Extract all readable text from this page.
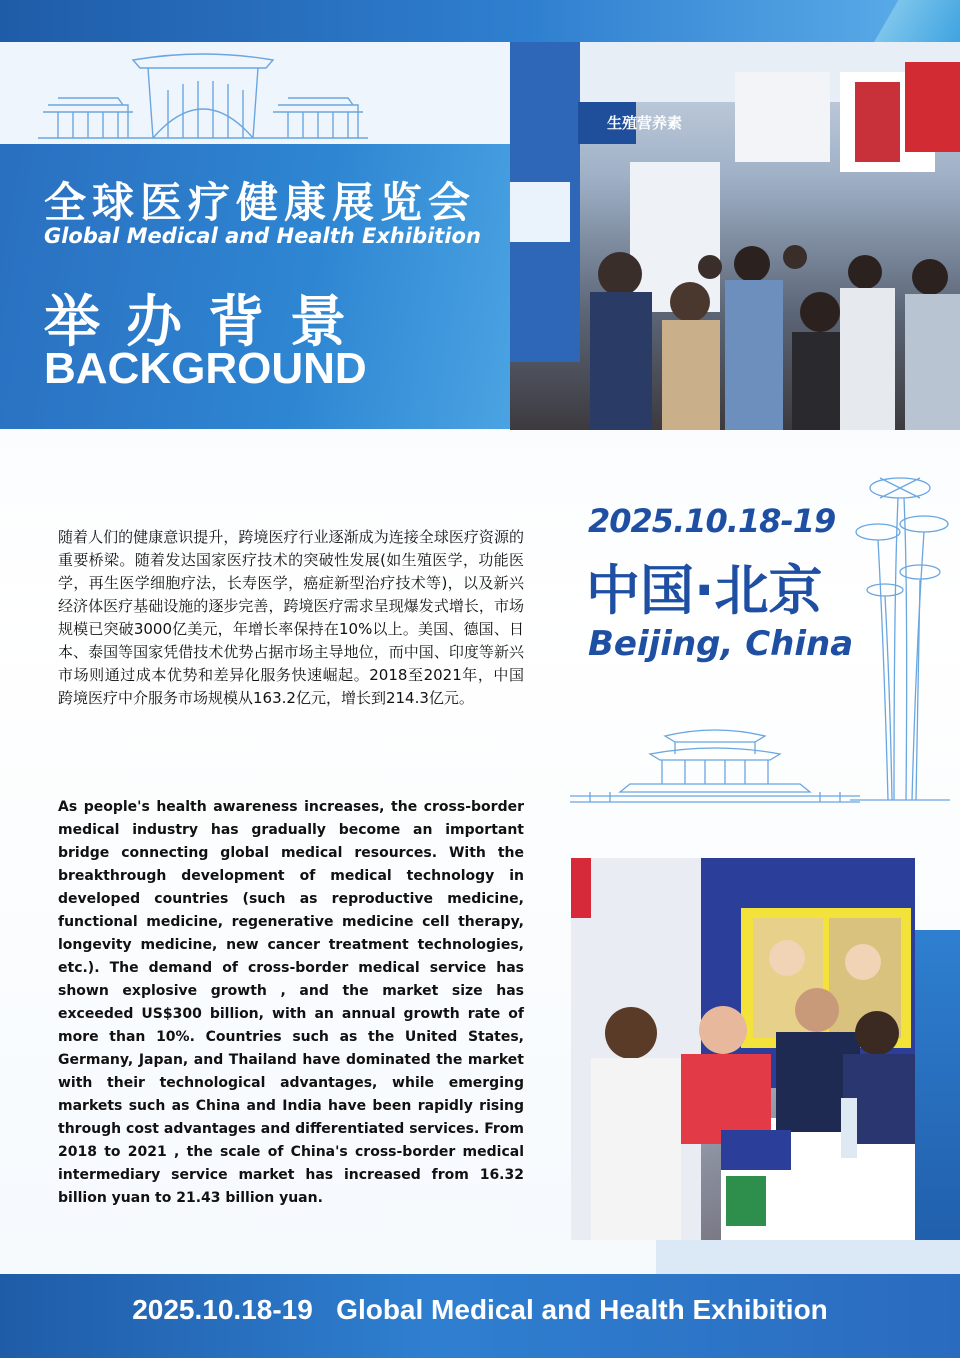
全球医疗健康展览会
Global Medical and Health Exhibition
举办背景
BACKGROUND
生殖营养素
随着人们的健康意识提升，跨境医疗行业逐渐成为连接全球医疗资源的重要桥梁。随着发达国家医疗技术的突破性发展(如生殖医学，功能医学，再生医学细胞疗法，长寿医学，癌症新型治疗技术等)，以及新兴经济体医疗基础设施的逐步完善，跨境医疗需求呈现爆发式增长，市场规模已突破3000亿美元，年增长率保持在10%以上。美国、德国、日本、泰国等国家凭借技术优势占据市场主导地位，而中国、印度等新兴市场则通过成本优势和差异化服务快速崛起。2018至2021年，中国跨境医疗中介服务市场规模从163.2亿元，增长到214.3亿元。
2025.10.18-19
中国·北京
Beijing, China
As people's health awareness increases, the cross-border medical industry has gradually become an important bridge connecting global medical resources. With the breakthrough development of medical technology in developed countries (such as reproductive medicine, functional medicine, regenerative medicine cell therapy, longevity medicine, new cancer treatment technologies, etc.). The demand of cross-border medical service has shown explosive growth , and the market size has exceeded US$300 billion, with an annual growth rate of more than 10%. Countries such as the United States, Germany, Japan, and Thailand have dominated the market with their technological advantages, while emerging markets such as China and India have been rapidly rising through cost advantages and differentiated services. From 2018 to 2021 , the scale of China's cross-border medical intermediary service market has increased from 16.32 billion yuan to 21.43 billion yuan.
2025.10.18-19   Global Medical and Health Exhibition
